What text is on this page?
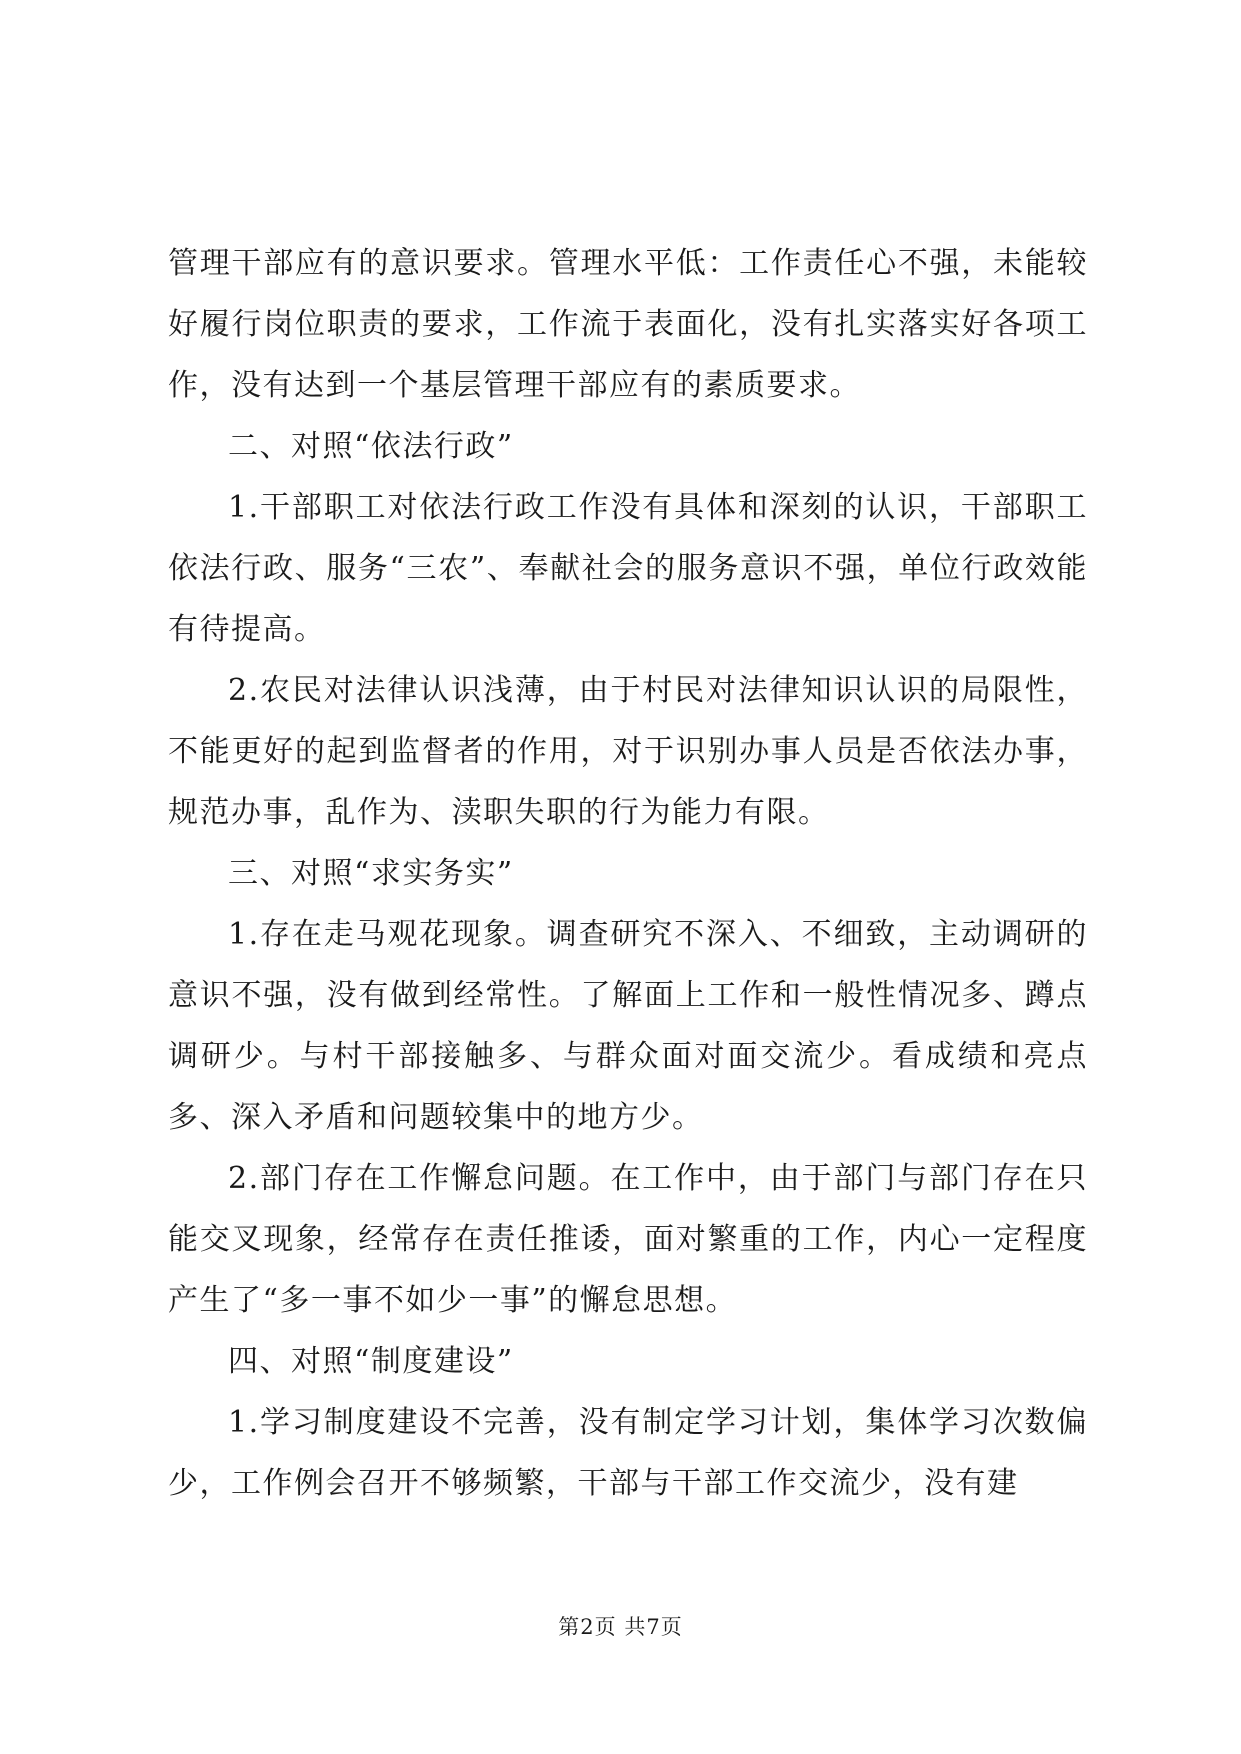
管理干部应有的意识要求。管理水平低：工作责任心不强，未能较好履行岗位职责的要求，工作流于表面化，没有扎实落实好各项工作，没有达到一个基层管理干部应有的素质要求。

二、对照“依法行政”

1.干部职工对依法行政工作没有具体和深刻的认识，干部职工依法行政、服务“三农”、奉献社会的服务意识不强，单位行政效能有待提高。

2.农民对法律认识浅薄，由于村民对法律知识认识的局限性，不能更好的起到监督者的作用，对于识别办事人员是否依法办事，规范办事，乱作为、渎职失职的行为能力有限。

三、对照“求实务实”

1.存在走马观花现象。调查研究不深入、不细致，主动调研的意识不强，没有做到经常性。了解面上工作和一般性情况多、蹲点调研少。与村干部接触多、与群众面对面交流少。看成绩和亮点多、深入矛盾和问题较集中的地方少。

2.部门存在工作懈怠问题。在工作中，由于部门与部门存在只能交叉现象，经常存在责任推诿，面对繁重的工作，内心一定程度产生了“多一事不如少一事”的懈怠思想。

四、对照“制度建设”

1.学习制度建设不完善，没有制定学习计划，集体学习次数偏少，工作例会召开不够频繁，干部与干部工作交流少，没有建

第2页 共7页
